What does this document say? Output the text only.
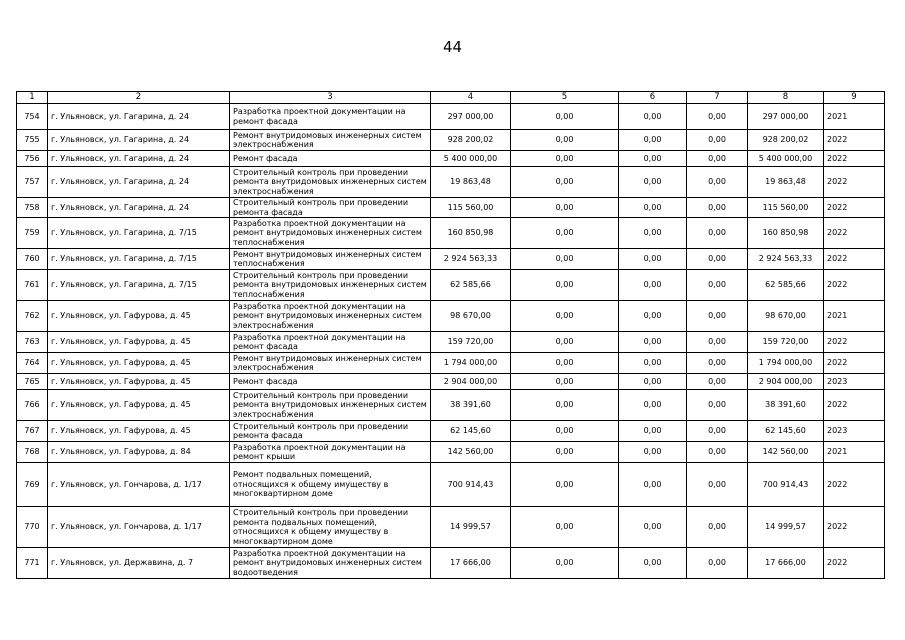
44
1	2	3	4	5	6	7	8	9
754	г. Ульяновск, ул. Гагарина, д. 24	Разработка проектной документации на ремонт фасада	297 000,00	0,00	0,00	0,00	297 000,00	2021
755	г. Ульяновск, ул. Гагарина, д. 24	Ремонт внутридомовых инженерных систем электроснабжения	928 200,02	0,00	0,00	0,00	928 200,02	2022
756	г. Ульяновск, ул. Гагарина, д. 24	Ремонт фасада	5 400 000,00	0,00	0,00	0,00	5 400 000,00	2022
757	г. Ульяновск, ул. Гагарина, д. 24	Строительный контроль при проведении ремонта внутридомовых инженерных систем электроснабжения	19 863,48	0,00	0,00	0,00	19 863,48	2022
758	г. Ульяновск, ул. Гагарина, д. 24	Строительный контроль при проведении ремонта фасада	115 560,00	0,00	0,00	0,00	115 560,00	2022
759	г. Ульяновск, ул. Гагарина, д. 7/15	Разработка проектной документации на ремонт внутридомовых инженерных систем теплоснабжения	160 850,98	0,00	0,00	0,00	160 850,98	2022
760	г. Ульяновск, ул. Гагарина, д. 7/15	Ремонт внутридомовых инженерных систем теплоснабжения	2 924 563,33	0,00	0,00	0,00	2 924 563,33	2022
761	г. Ульяновск, ул. Гагарина, д. 7/15	Строительный контроль при проведении ремонта внутридомовых инженерных систем теплоснабжения	62 585,66	0,00	0,00	0,00	62 585,66	2022
762	г. Ульяновск, ул. Гафурова, д. 45	Разработка проектной документации на ремонт внутридомовых инженерных систем электроснабжения	98 670,00	0,00	0,00	0,00	98 670,00	2021
763	г. Ульяновск, ул. Гафурова, д. 45	Разработка проектной документации на ремонт фасада	159 720,00	0,00	0,00	0,00	159 720,00	2022
764	г. Ульяновск, ул. Гафурова, д. 45	Ремонт внутридомовых инженерных систем электроснабжения	1 794 000,00	0,00	0,00	0,00	1 794 000,00	2022
765	г. Ульяновск, ул. Гафурова, д. 45	Ремонт фасада	2 904 000,00	0,00	0,00	0,00	2 904 000,00	2023
766	г. Ульяновск, ул. Гафурова, д. 45	Строительный контроль при проведении ремонта внутридомовых инженерных систем электроснабжения	38 391,60	0,00	0,00	0,00	38 391,60	2022
767	г. Ульяновск, ул. Гафурова, д. 45	Строительный контроль при проведении ремонта фасада	62 145,60	0,00	0,00	0,00	62 145,60	2023
768	г. Ульяновск, ул. Гафурова, д. 84	Разработка проектной документации на ремонт крыши	142 560,00	0,00	0,00	0,00	142 560,00	2021
769	г. Ульяновск, ул. Гончарова, д. 1/17	Ремонт подвальных помещений, относящихся к общему имуществу в многоквартирном доме	700 914,43	0,00	0,00	0,00	700 914,43	2022
770	г. Ульяновск, ул. Гончарова, д. 1/17	Строительный контроль при проведении ремонта подвальных помещений, относящихся к общему имуществу в многоквартирном доме	14 999,57	0,00	0,00	0,00	14 999,57	2022
771	г. Ульяновск, ул. Державина, д. 7	Разработка проектной документации на ремонт внутридомовых инженерных систем водоотведения	17 666,00	0,00	0,00	0,00	17 666,00	2022
